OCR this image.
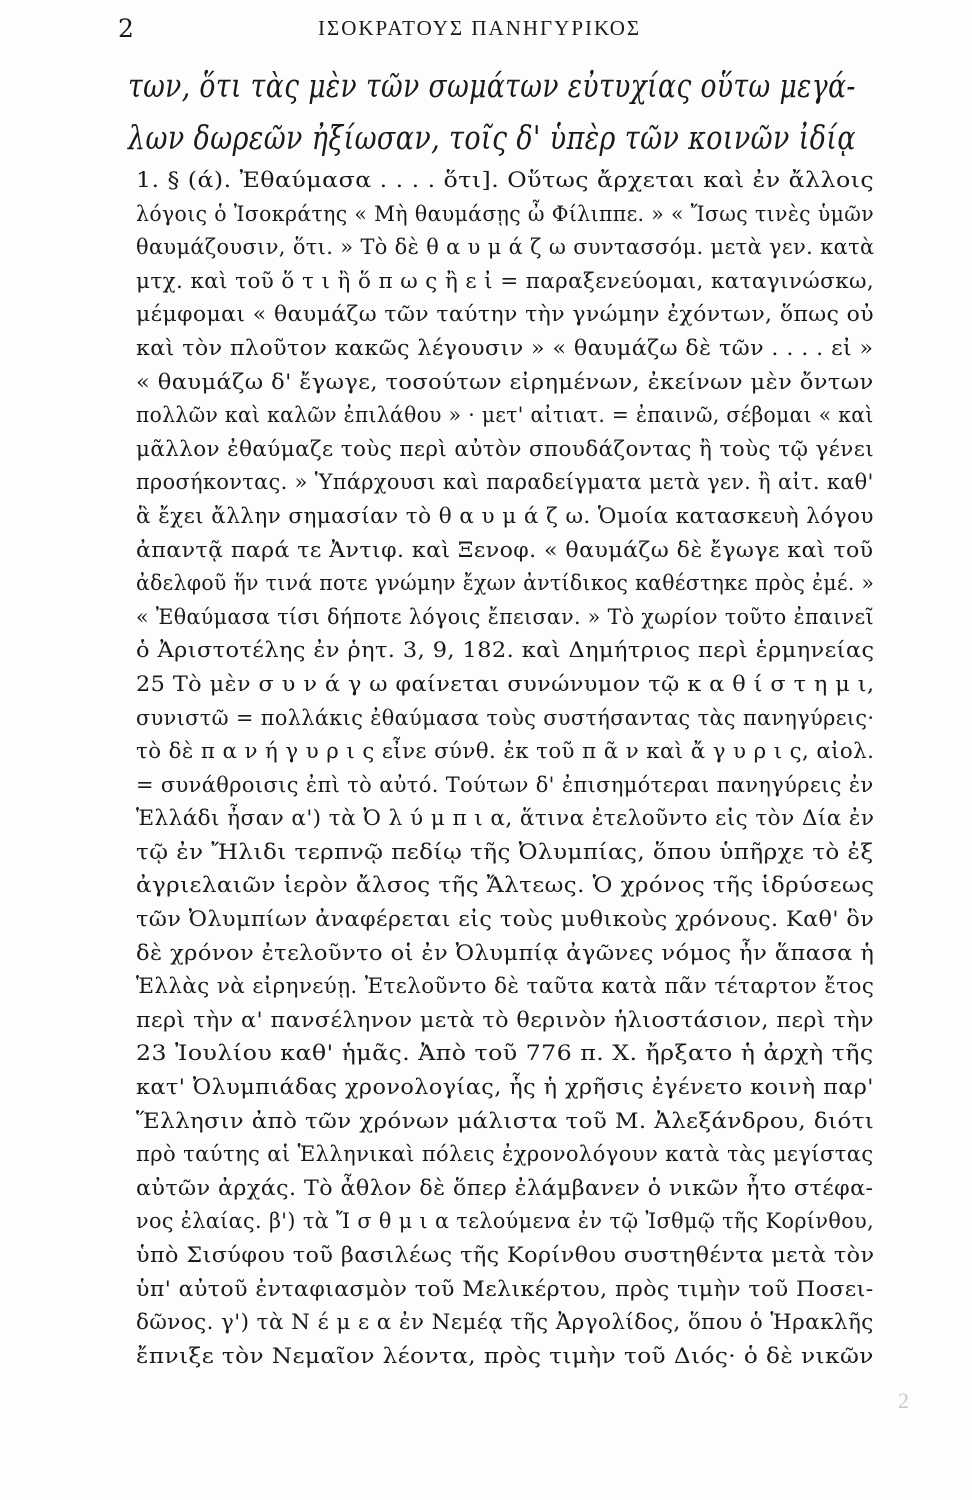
2	ΙΣΟΚΡΑΤΟΥΣ ΠΑΝΗΓΥΡΙΚΟΣ
των, ὅτι τὰς μὲν τῶν σωμάτων εὐτυχίας οὕτω μεγά-
λων δωρεῶν ἠξίωσαν, τοῖς δ' ὑπὲρ τῶν κοινῶν ἰδίᾳ
1. § (ά). Ἐθαύμασα . . . . ὅτι]. Οὕτως ἄρχεται καὶ ἐν ἄλλοις
λόγοις ὁ Ἰσοκράτης « Μὴ θαυμάσῃς ὦ Φίλιππε. » « Ἴσως τινὲς ὑμῶν
θαυμάζουσιν, ὅτι. » Τὸ δὲ θ α υ μ ά ζ ω συντασσόμ. μετὰ γεν. κατὰ
μτχ. καὶ τοῦ ὅ τ ι ἢ ὅ π ω ς ἢ ε ἰ = παραξενεύομαι, καταγινώσκω,
μέμφομαι « θαυμάζω τῶν ταύτην τὴν γνώμην ἐχόντων, ὅπως οὐ
καὶ τὸν πλοῦτον κακῶς λέγουσιν » « θαυμάζω δὲ τῶν . . . . εἰ »
« θαυμάζω δ' ἔγωγε, τοσούτων εἰρημένων, ἐκείνων μὲν ὄντων
πολλῶν καὶ καλῶν ἐπιλάθου » · μετ' αἰτιατ. = ἐπαινῶ, σέβομαι « καὶ
μᾶλλον ἐθαύμαζε τοὺς περὶ αὐτὸν σπουδάζοντας ἢ τοὺς τῷ γένει
προσήκοντας. » Ὑπάρχουσι καὶ παραδείγματα μετὰ γεν. ἢ αἰτ. καθ'
ἃ ἔχει ἄλλην σημασίαν τὸ θ α υ μ ά ζ ω. Ὁμοία κατασκευὴ λόγου
ἀπαντᾷ παρά τε Ἀντιφ. καὶ Ξενοφ. « θαυμάζω δὲ ἔγωγε καὶ τοῦ
ἀδελφοῦ ἥν τινά ποτε γνώμην ἔχων ἀντίδικος καθέστηκε πρὸς ἐμέ. »
« Ἐθαύμασα τίσι δήποτε λόγοις ἔπεισαν. » Τὸ χωρίον τοῦτο ἐπαινεῖ
ὁ Ἀριστοτέλης ἐν ῥητ. 3, 9, 182. καὶ Δημήτριος περὶ ἑρμηνείας
25 Τὸ μὲν σ υ ν ά γ ω φαίνεται συνώνυμον τῷ κ α θ ί σ τ η μ ι,
συνιστῶ = πολλάκις ἐθαύμασα τοὺς συστήσαντας τὰς πανηγύρεις·
τὸ δὲ π α ν ή γ υ ρ ι ς εἶνε σύνθ. ἐκ τοῦ π ᾶ ν καὶ ἄ γ υ ρ ι ς, αἰολ.
= συνάθροισις ἐπὶ τὸ αὐτό. Τούτων δ' ἐπισημότεραι πανηγύρεις ἐν
Ἑλλάδι ἦσαν α') τὰ Ὀ λ ύ μ π ι α, ἅτινα ἐτελοῦντο εἰς τὸν Δία ἐν
τῷ ἐν Ἤλιδι τερπνῷ πεδίῳ τῆς Ὀλυμπίας, ὅπου ὑπῆρχε τὸ ἐξ
ἀγριελαιῶν ἱερὸν ἄλσος τῆς Ἄλτεως. Ὁ χρόνος τῆς ἱδρύσεως
τῶν Ὀλυμπίων ἀναφέρεται εἰς τοὺς μυθικοὺς χρόνους. Καθ' ὃν
δὲ χρόνον ἐτελοῦντο οἱ ἐν Ὀλυμπίᾳ ἀγῶνες νόμος ἦν ἅπασα ἡ
Ἑλλὰς νὰ εἰρηνεύῃ. Ἐτελοῦντο δὲ ταῦτα κατὰ πᾶν τέταρτον ἔτος
περὶ τὴν α' πανσέληνον μετὰ τὸ θερινὸν ἡλιοστάσιον, περὶ τὴν
23 Ἰουλίου καθ' ἡμᾶς. Ἀπὸ τοῦ 776 π. Χ. ἤρξατο ἡ ἀρχὴ τῆς
κατ' Ὀλυμπιάδας χρονολογίας, ἧς ἡ χρῆσις ἐγένετο κοινὴ παρ'
Ἕλλησιν ἀπὸ τῶν χρόνων μάλιστα τοῦ Μ. Ἀλεξάνδρου, διότι
πρὸ ταύτης αἱ Ἑλληνικαὶ πόλεις ἐχρονολόγουν κατὰ τὰς μεγίστας
αὐτῶν ἀρχάς. Τὸ ἆθλον δὲ ὅπερ ἐλάμβανεν ὁ νικῶν ἦτο στέφα-
νος ἐλαίας. β') τὰ Ἴ σ θ μ ι α τελούμενα ἐν τῷ Ἰσθμῷ τῆς Κορίνθου,
ὑπὸ Σισύφου τοῦ βασιλέως τῆς Κορίνθου συστηθέντα μετὰ τὸν
ὑπ' αὐτοῦ ἐνταφιασμὸν τοῦ Μελικέρτου, πρὸς τιμὴν τοῦ Ποσει-
δῶνος. γ') τὰ Ν έ μ ε α ἐν Νεμέᾳ τῆς Ἀργολίδος, ὅπου ὁ Ἡρακλῆς
ἔπνιξε τὸν Νεμαῖον λέοντα, πρὸς τιμὴν τοῦ Διός· ὁ δὲ νικῶν
2
